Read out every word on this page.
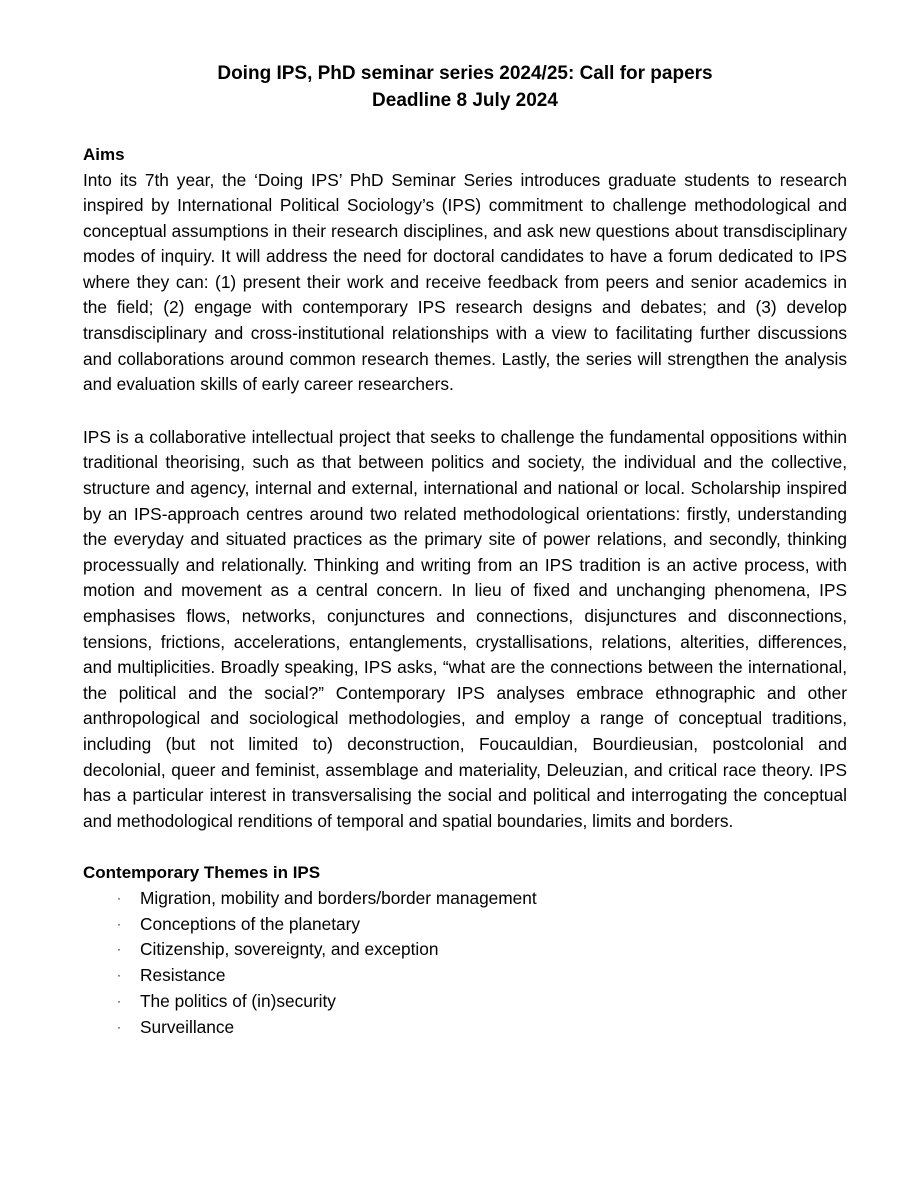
Doing IPS, PhD seminar series 2024/25: Call for papers

Deadline 8 July 2024

Aims

Into its 7th year, the ‘Doing IPS’ PhD Seminar Series introduces graduate students to research inspired by International Political Sociology’s (IPS) commitment to challenge methodological and conceptual assumptions in their research disciplines, and ask new questions about transdisciplinary modes of inquiry. It will address the need for doctoral candidates to have a forum dedicated to IPS where they can: (1) present their work and receive feedback from peers and senior academics in the field; (2) engage with contemporary IPS research designs and debates; and (3) develop transdisciplinary and cross-institutional relationships with a view to facilitating further discussions and collaborations around common research themes. Lastly, the series will strengthen the analysis and evaluation skills of early career researchers.

IPS is a collaborative intellectual project that seeks to challenge the fundamental oppositions within traditional theorising, such as that between politics and society, the individual and the collective, structure and agency, internal and external, international and national or local. Scholarship inspired by an IPS-approach centres around two related methodological orientations: firstly, understanding the everyday and situated practices as the primary site of power relations, and secondly, thinking processually and relationally. Thinking and writing from an IPS tradition is an active process, with motion and movement as a central concern. In lieu of fixed and unchanging phenomena, IPS emphasises flows, networks, conjunctures and connections, disjunctures and disconnections, tensions, frictions, accelerations, entanglements, crystallisations, relations, alterities, differences, and multiplicities. Broadly speaking, IPS asks, “what are the connections between the international, the political and the social?” Contemporary IPS analyses embrace ethnographic and other anthropological and sociological methodologies, and employ a range of conceptual traditions, including (but not limited to) deconstruction, Foucauldian, Bourdieusian, postcolonial and decolonial, queer and feminist, assemblage and materiality, Deleuzian, and critical race theory. IPS has a particular interest in transversalising the social and political and interrogating the conceptual and methodological renditions of temporal and spatial boundaries, limits and borders.

Contemporary Themes in IPS

·	Migration, mobility and borders/border management
·	Conceptions of the planetary
·	Citizenship, sovereignty, and exception
·	Resistance
·	The politics of (in)security
·	Surveillance
